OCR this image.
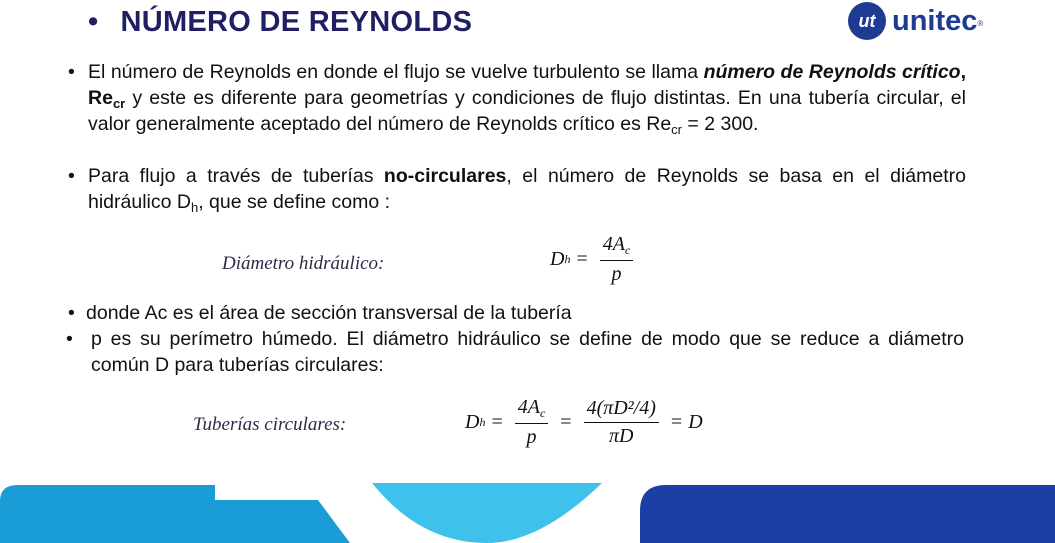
• NÚMERO DE REYNOLDS	ut unitec ®
• El número de Reynolds en donde el flujo se vuelve turbulento se llama número de Reynolds crítico, $Re_{cr}$ y este es diferente para geometrías y condiciones de flujo distintas. En una tubería circular, el valor generalmente aceptado del número de Reynolds crítico es $Re_{cr} = 2$ 300.
• Para flujo a través de tuberías no-circulares, el número de Reynolds se basa en el diámetro hidráulico $D_h$, que se define como :
Diámetro hidráulico:	D $h = \frac{4A_c}{p}$
• donde Ac es el área de sección transversal de la tubería
• p es su perímetro húmedo. El diámetro hidráulico se define de modo que se reduce a diámetro común D para tuberías circulares:
Tuberías circulares:	D $h = \frac{4A_c}{p} = \frac{\text{4(πD²/4)}}{\pi D} = D$
